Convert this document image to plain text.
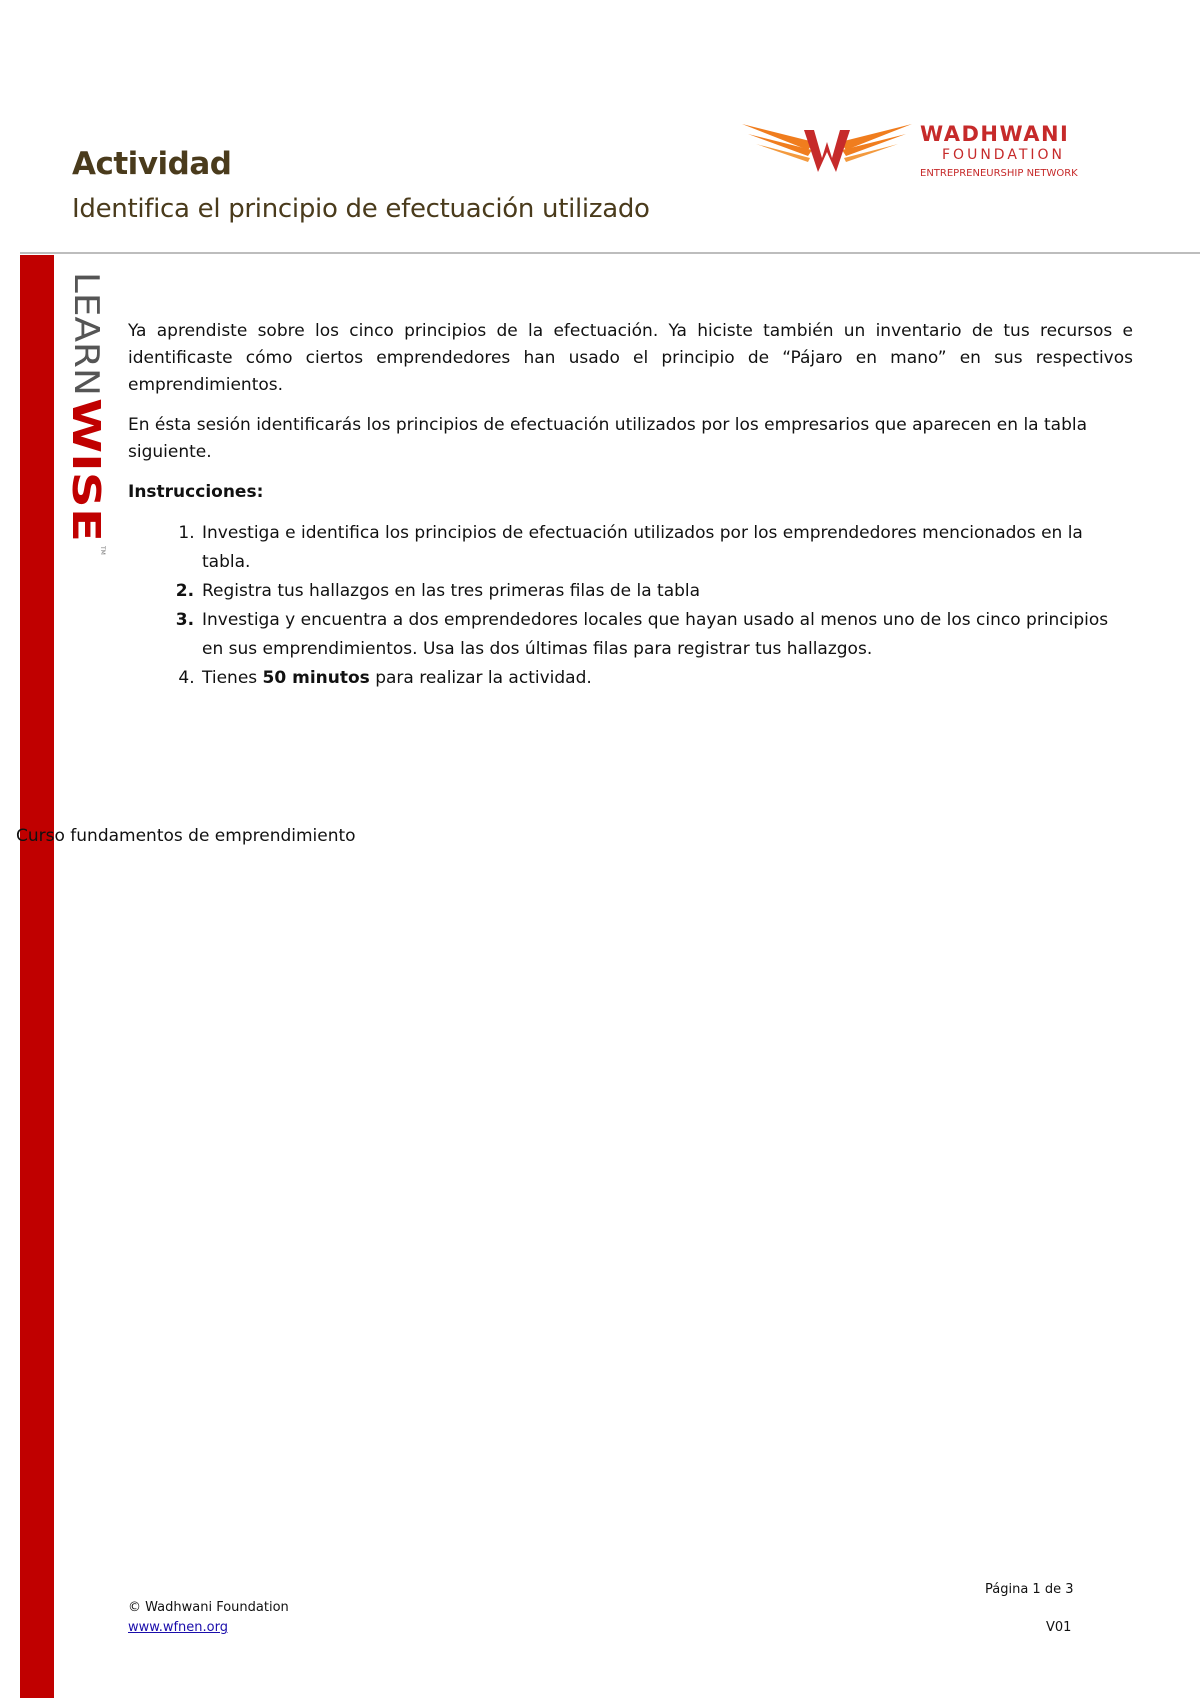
Actividad
Identifica el principio de efectuación utilizado
WADHWANI
FOUNDATION
ENTREPRENEURSHIP NETWORK
LEARN
WISE
TM

Ya aprendiste sobre los cinco principios de la efectuación. Ya hiciste también un inventario de tus recursos e identificaste cómo ciertos emprendedores han usado el principio de “Pájaro en mano” en sus respectivos emprendimientos.

En ésta sesión identificarás los principios de efectuación utilizados por los empresarios que aparecen en la tabla siguiente.

Instrucciones:

1. Investiga e identifica los principios de efectuación utilizados por los emprendedores mencionados en la tabla.
2. Registra tus hallazgos en las tres primeras filas de la tabla
3. Investiga y encuentra a dos emprendedores locales que hayan usado al menos uno de los cinco principios en sus emprendimientos. Usa las dos últimas filas para registrar tus hallazgos.
4. Tienes 50 minutos para realizar la actividad.
Curso fundamentos de emprendimiento
Página 1 de 3
© Wadhwani Foundation
www.wfnen.org	V01
